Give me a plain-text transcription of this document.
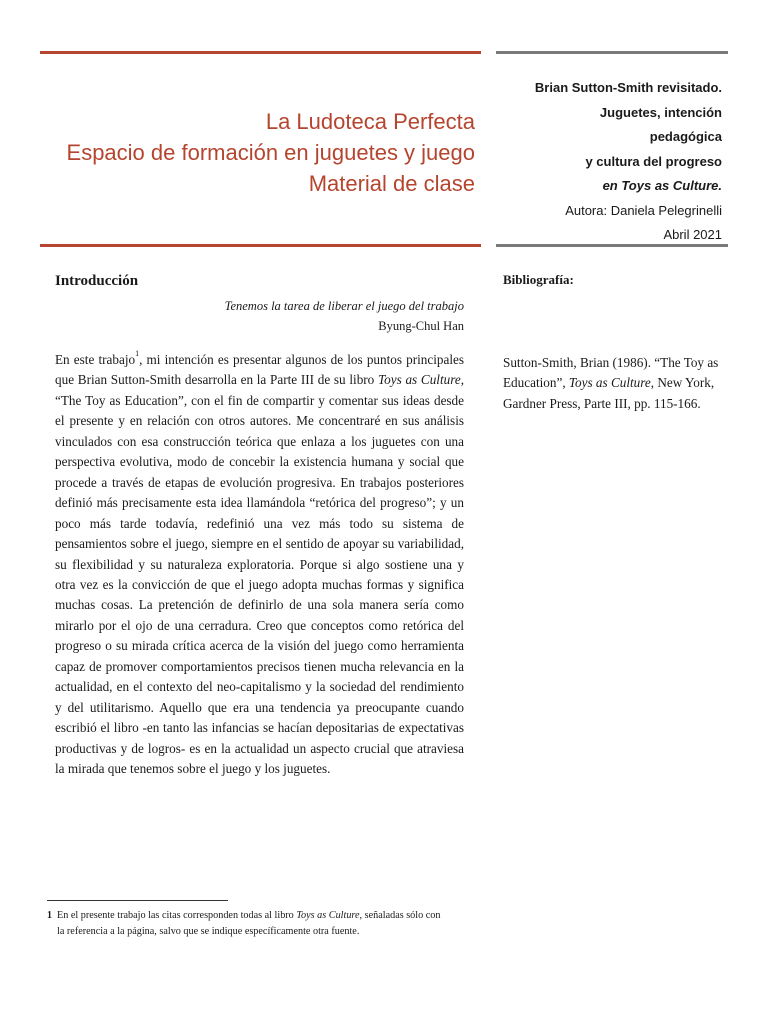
La Ludoteca Perfecta
Espacio de formación en juguetes y juego
Material de clase
Brian Sutton-Smith revisitado.
Juguetes, intención
pedagógica
y cultura del progreso
en Toys as Culture.
Autora: Daniela Pelegrinelli
Abril 2021
Introducción
Tenemos la tarea de liberar el juego del trabajo
Byung-Chul Han
En este trabajo$^1$, mi intención es presentar algunos de los puntos principales que Brian Sutton-Smith desarrolla en la Parte III de su libro Toys as Culture, “The Toy as Education”, con el fin de compartir y comentar sus ideas desde el presente y en relación con otros autores. Me concentraré en sus análisis vinculados con esa construcción teórica que enlaza a los juguetes con una perspectiva evolutiva, modo de concebir la existencia humana y social que procede a través de etapas de evolución progresiva. En trabajos posteriores definió más precisamente esta idea llamándola “retórica del progreso”; y un poco más tarde todavía, redefinió una vez más todo su sistema de pensamientos sobre el juego, siempre en el sentido de apoyar su variabilidad, su flexibilidad y su naturaleza exploratoria. Porque si algo sostiene una y otra vez es la convicción de que el juego adopta muchas formas y significa muchas cosas. La pretención de definirlo de una sola manera sería como mirarlo por el ojo de una cerradura. Creo que conceptos como retórica del progreso o su mirada crítica acerca de la visión del juego como herramienta capaz de promover comportamientos precisos tienen mucha relevancia en la actualidad, en el contexto del neo-capitalismo y la sociedad del rendimiento y del utilitarismo. Aquello que era una tendencia ya preocupante cuando escribió el libro -en tanto las infancias se hacían depositarias de expectativas productivas y de logros- es en la actualidad un aspecto crucial que atraviesa la mirada que tenemos sobre el juego y los juguetes.
Bibliografía:
Sutton-Smith, Brian (1986). “The Toy as Education”, Toys as Culture, New York, Gardner Press, Parte III, pp. 115-166.
1 En el presente trabajo las citas corresponden todas al libro Toys as Culture, señaladas sólo con la referencia a la página, salvo que se indique específicamente otra fuente.
